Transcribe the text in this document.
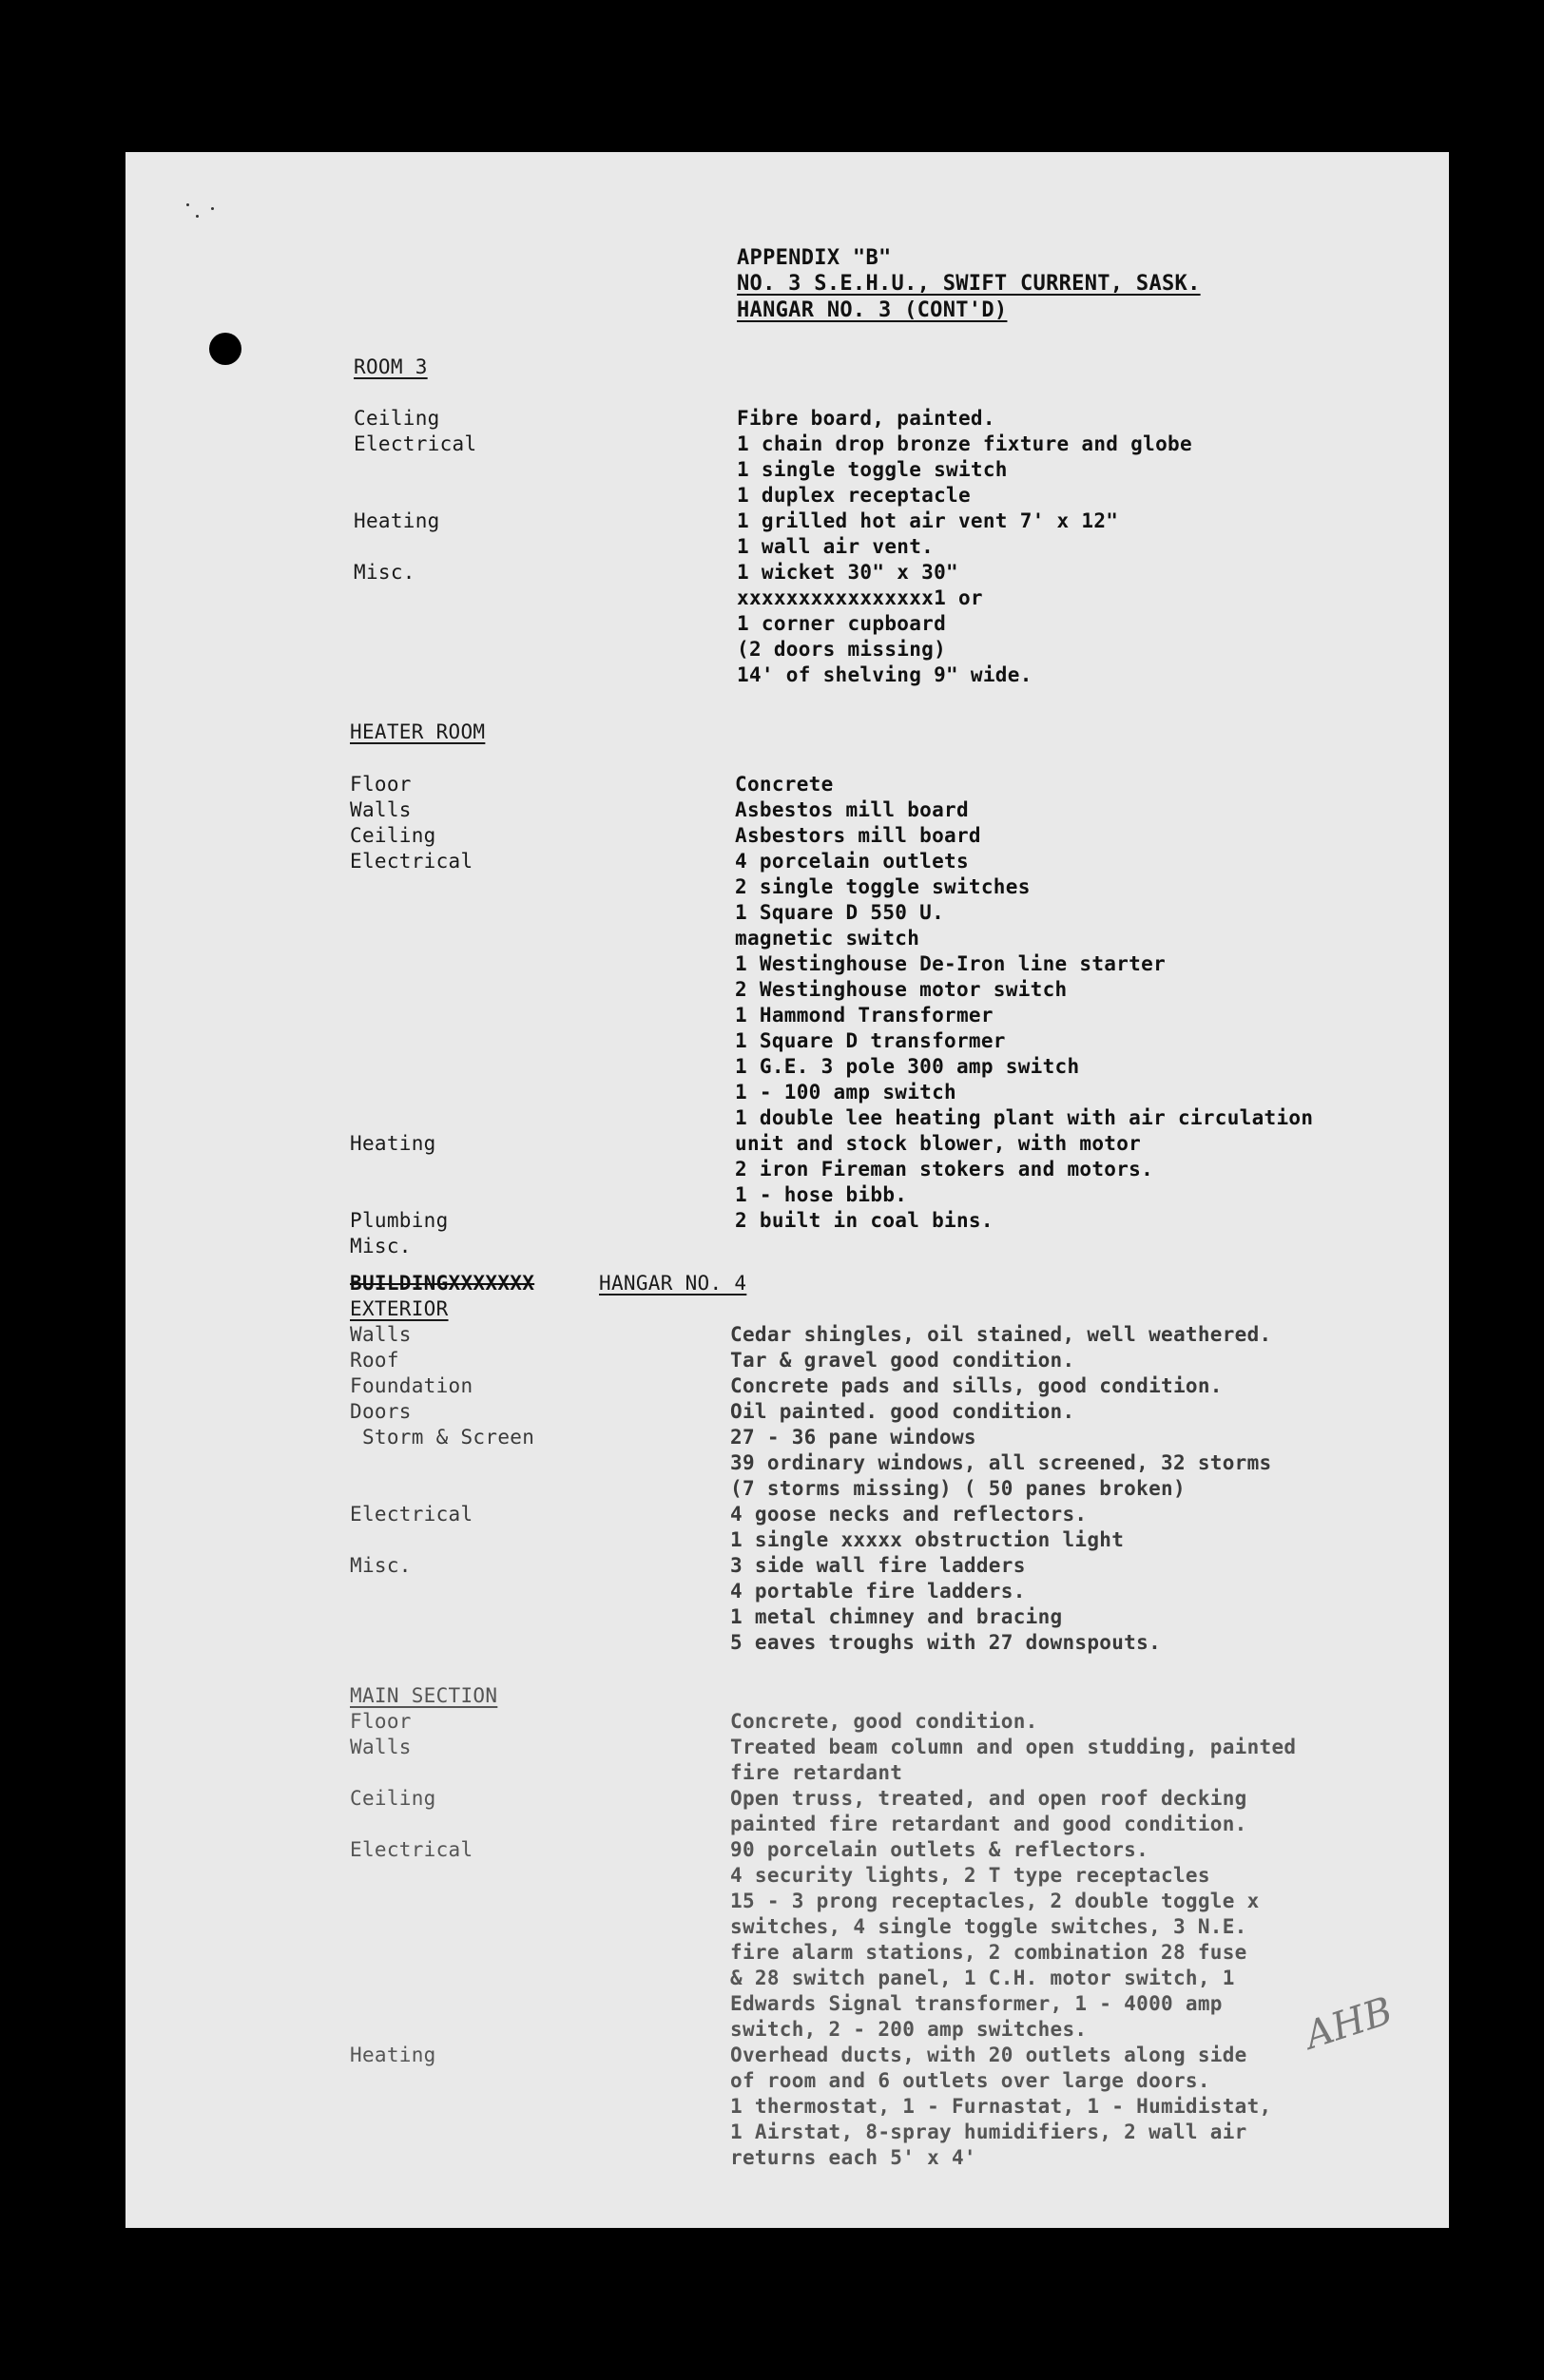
APPENDIX "B"

NO. 3 S.E.H.U., SWIFT CURRENT, SASK.

HANGAR NO. 3 (CONT'D)

ROOM 3

Ceiling
Electrical

Heating

Misc.

Fibre board, painted.
1 chain drop bronze fixture and globe
1 single toggle switch
1 duplex receptacle
1 grilled hot air vent 7' x 12"
1 wall air vent.
1 wicket 30" x 30"
xxxxxxxxxxxxxxxx1 or
1 corner cupboard
(2 doors missing)
14' of shelving 9" wide.

HEATER ROOM

Floor
Walls
Ceiling
Electrical

Heating

Plumbing
Misc.

Concrete
Asbestos mill board
Asbestors mill board
4 porcelain outlets
2 single toggle switches
1 Square D 550 U.
magnetic switch
1 Westinghouse De-Iron line starter
2 Westinghouse motor switch
1 Hammond Transformer
1 Square D transformer
1 G.E. 3 pole 300 amp switch
1 - 100 amp switch
1 double lee heating plant with air circulation
unit and stock blower, with motor
2 iron Fireman stokers and motors.
1 - hose bibb.
2 built in coal bins.

BUILDINGXXXXXXX	HANGAR NO. 4

EXTERIOR

Walls
Roof
Foundation
Doors
Storm & Screen

Electrical

Misc.

Cedar shingles, oil stained, well weathered.
Tar & gravel good condition.
Concrete pads and sills, good condition.
Oil painted. good condition.
27 - 36 pane windows
39 ordinary windows, all screened, 32 storms
(7 storms missing) ( 50 panes broken)
4 goose necks and reflectors.
1 single xxxxx obstruction light
3 side wall fire ladders
4 portable fire ladders.
1 metal chimney and bracing
5 eaves troughs with 27 downspouts.

MAIN SECTION

Floor
Walls

Ceiling

Electrical

Heating

Concrete, good condition.
Treated beam column and open studding, painted
fire retardant
Open truss, treated, and open roof decking
painted fire retardant and good condition.
90 porcelain outlets & reflectors.
4 security lights, 2 T type receptacles
15 - 3 prong receptacles, 2 double toggle x
switches, 4 single toggle switches, 3 N.E.
fire alarm stations, 2 combination 28 fuse
& 28 switch panel, 1 C.H. motor switch, 1
Edwards Signal transformer, 1 - 4000 amp
switch, 2 - 200 amp switches.
Overhead ducts, with 20 outlets along side
of room and 6 outlets over large doors.
1 thermostat, 1 - Furnastat, 1 - Humidistat,
1 Airstat, 8-spray humidifiers, 2 wall air
returns each 5' x 4'

AHB
